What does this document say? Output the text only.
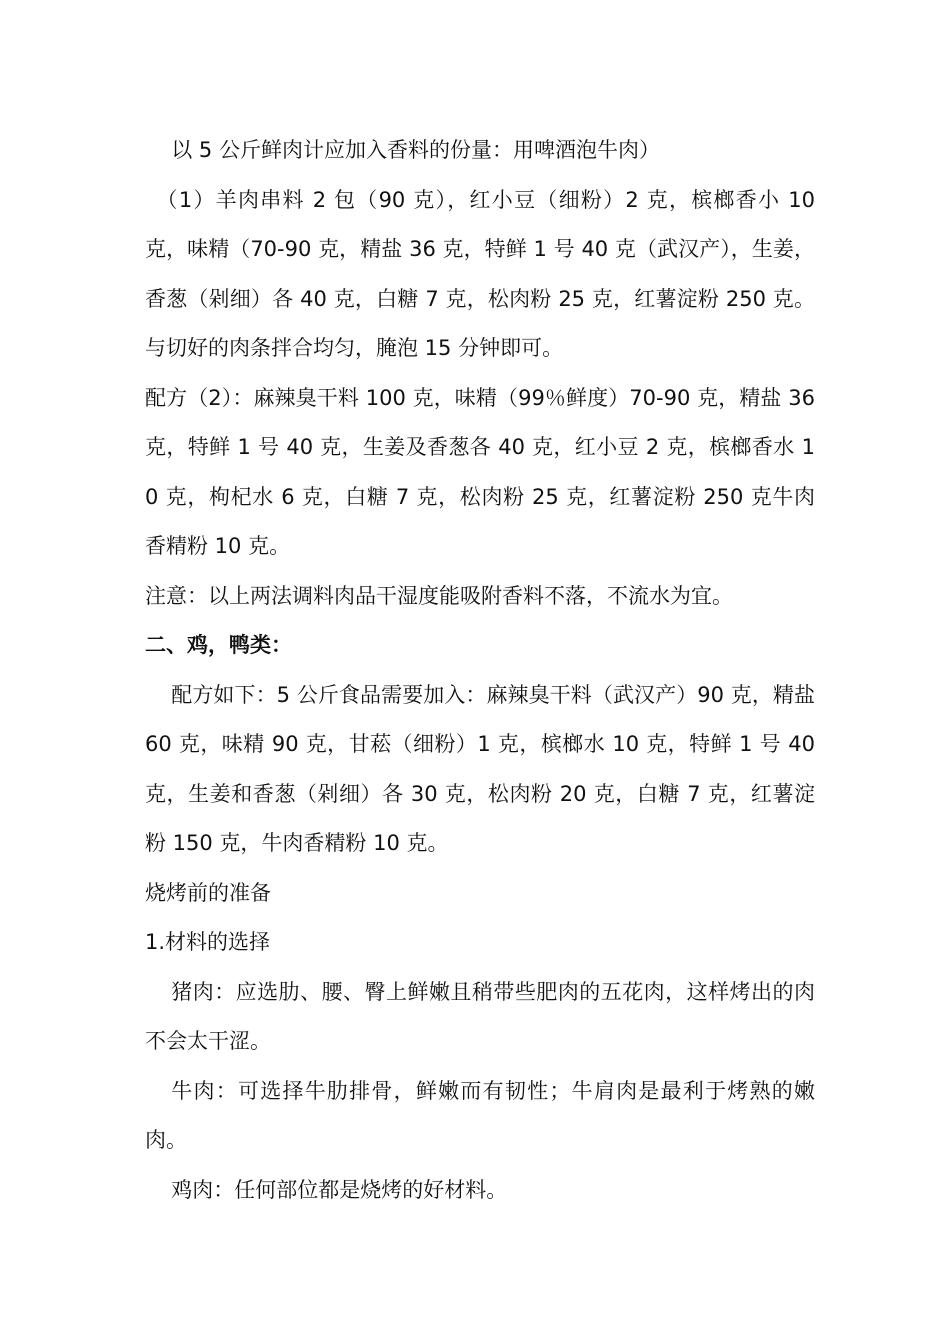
以 5 公斤鲜肉计应加入香料的份量：用啤酒泡牛肉）

（1）羊肉串料 2 包（90 克），红小豆（细粉）2 克，槟榔香小 10 克，味精（70-90 克，精盐 36 克，特鲜 1 号 40 克（武汉产），生姜，香葱（剁细）各 40 克，白糖 7 克，松肉粉 25 克，红薯淀粉 250 克。与切好的肉条拌合均匀，腌泡 15 分钟即可。

配方（2）：麻辣臭干料 100 克，味精（99％鲜度）70-90 克，精盐 36 克，特鲜 1 号 40 克，生姜及香葱各 40 克，红小豆 2 克，槟榔香水 10 克，枸杞水 6 克，白糖 7 克，松肉粉 25 克，红薯淀粉 250 克牛肉香精粉 10 克。

注意：以上两法调料肉品干湿度能吸附香料不落，不流水为宜。

二、鸡，鸭类：

配方如下：5 公斤食品需要加入：麻辣臭干料（武汉产）90 克，精盐 60 克，味精 90 克，甘菘（细粉）1 克，槟榔水 10 克，特鲜 1 号 40 克，生姜和香葱（剁细）各 30 克，松肉粉 20 克，白糖 7 克，红薯淀粉 150 克，牛肉香精粉 10 克。

烧烤前的准备

1.材料的选择

猪肉：应选肋、腰、臀上鲜嫩且稍带些肥肉的五花肉，这样烤出的肉不会太干涩。

牛肉：可选择牛肋排骨，鲜嫩而有韧性；牛肩肉是最利于烤熟的嫩肉。

鸡肉：任何部位都是烧烤的好材料。
